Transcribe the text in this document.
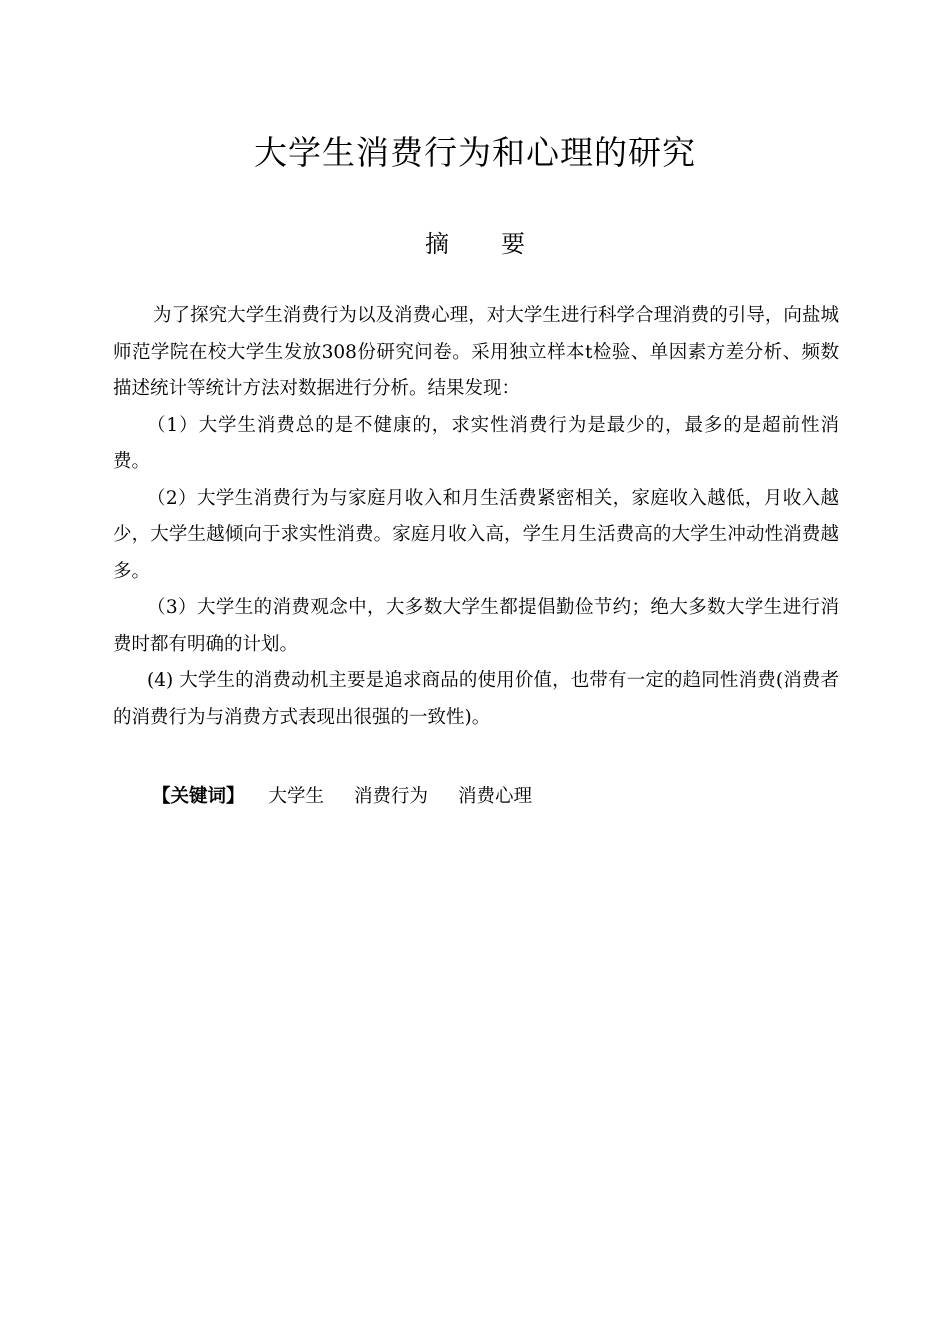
大学生消费行为和心理的研究
摘 要

为了探究大学生消费行为以及消费心理，对大学生进行科学合理消费的引导，向盐城师范学院在校大学生发放308份研究问卷。采用独立样本t检验、单因素方差分析、频数描述统计等统计方法对数据进行分析。结果发现：

（1）大学生消费总的是不健康的，求实性消费行为是最少的，最多的是超前性消费。

（2）大学生消费行为与家庭月收入和月生活费紧密相关，家庭收入越低，月收入越少，大学生越倾向于求实性消费。家庭月收入高，学生月生活费高的大学生冲动性消费越多。

（3）大学生的消费观念中，大多数大学生都提倡勤俭节约；绝大多数大学生进行消费时都有明确的计划。

(4) 大学生的消费动机主要是追求商品的使用价值，也带有一定的趋同性消费(消费者的消费行为与消费方式表现出很强的一致性)。

【关键词】 大学生 消费行为 消费心理
